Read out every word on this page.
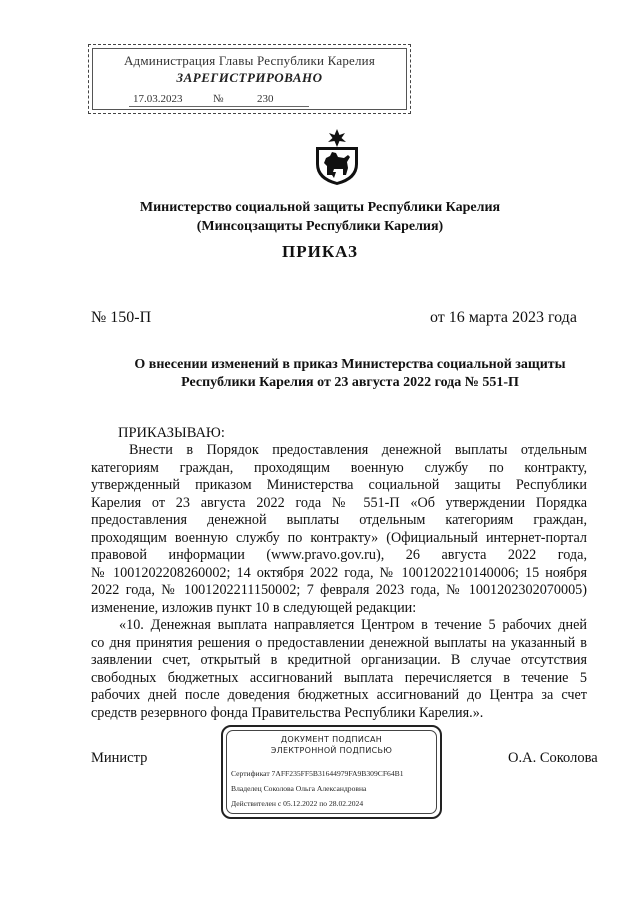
Администрация Главы Республики Карелия
ЗАРЕГИСТРИРОВАНО
17.03.2023	№	230
Министерство социальной защиты Республики Карелия
(Минсоцзащиты Республики Карелия)
ПРИКАЗ
№ 150-П	от 16 марта 2023 года
О внесении изменений в приказ Министерства социальной защиты
Республики Карелия от 23 августа 2022 года № 551-П
ПРИКАЗЫВАЮ:
Внести в Порядок предоставления денежной выплаты отдельным
категориям граждан, проходящим военную службу по контракту,
утвержденный приказом Министерства социальной защиты Республики
Карелия от 23 августа 2022 года № 551-П «Об утверждении Порядка
предоставления денежной выплаты отдельным категориям граждан,
проходящим военную службу по контракту» (Официальный интернет-портал
правовой информации (www.pravo.gov.ru), 26 августа 2022 года,
№ 1001202208260002; 14 октября 2022 года, № 1001202210140006; 15 ноября
2022 года, № 1001202211150002; 7 февраля 2023 года, № 1001202302070005)
изменение, изложив пункт 10 в следующей редакции:
«10. Денежная выплата направляется Центром в течение 5 рабочих дней
со дня принятия решения о предоставлении денежной выплаты на указанный в
заявлении счет, открытый в кредитной организации. В случае отсутствия
свободных бюджетных ассигнований выплата перечисляется в течение 5
рабочих дней после доведения бюджетных ассигнований до Центра за счет
средств резервного фонда Правительства Республики Карелия.».
Министр
ДОКУМЕНТ ПОДПИСАН
ЭЛЕКТРОННОЙ ПОДПИСЬЮ
Сертификат 7AFF235FF5B31644979FA9B309CF64B1
Владелец Соколова Ольга Александровна
Действителен с 05.12.2022 по 28.02.2024
О.А. Соколова
